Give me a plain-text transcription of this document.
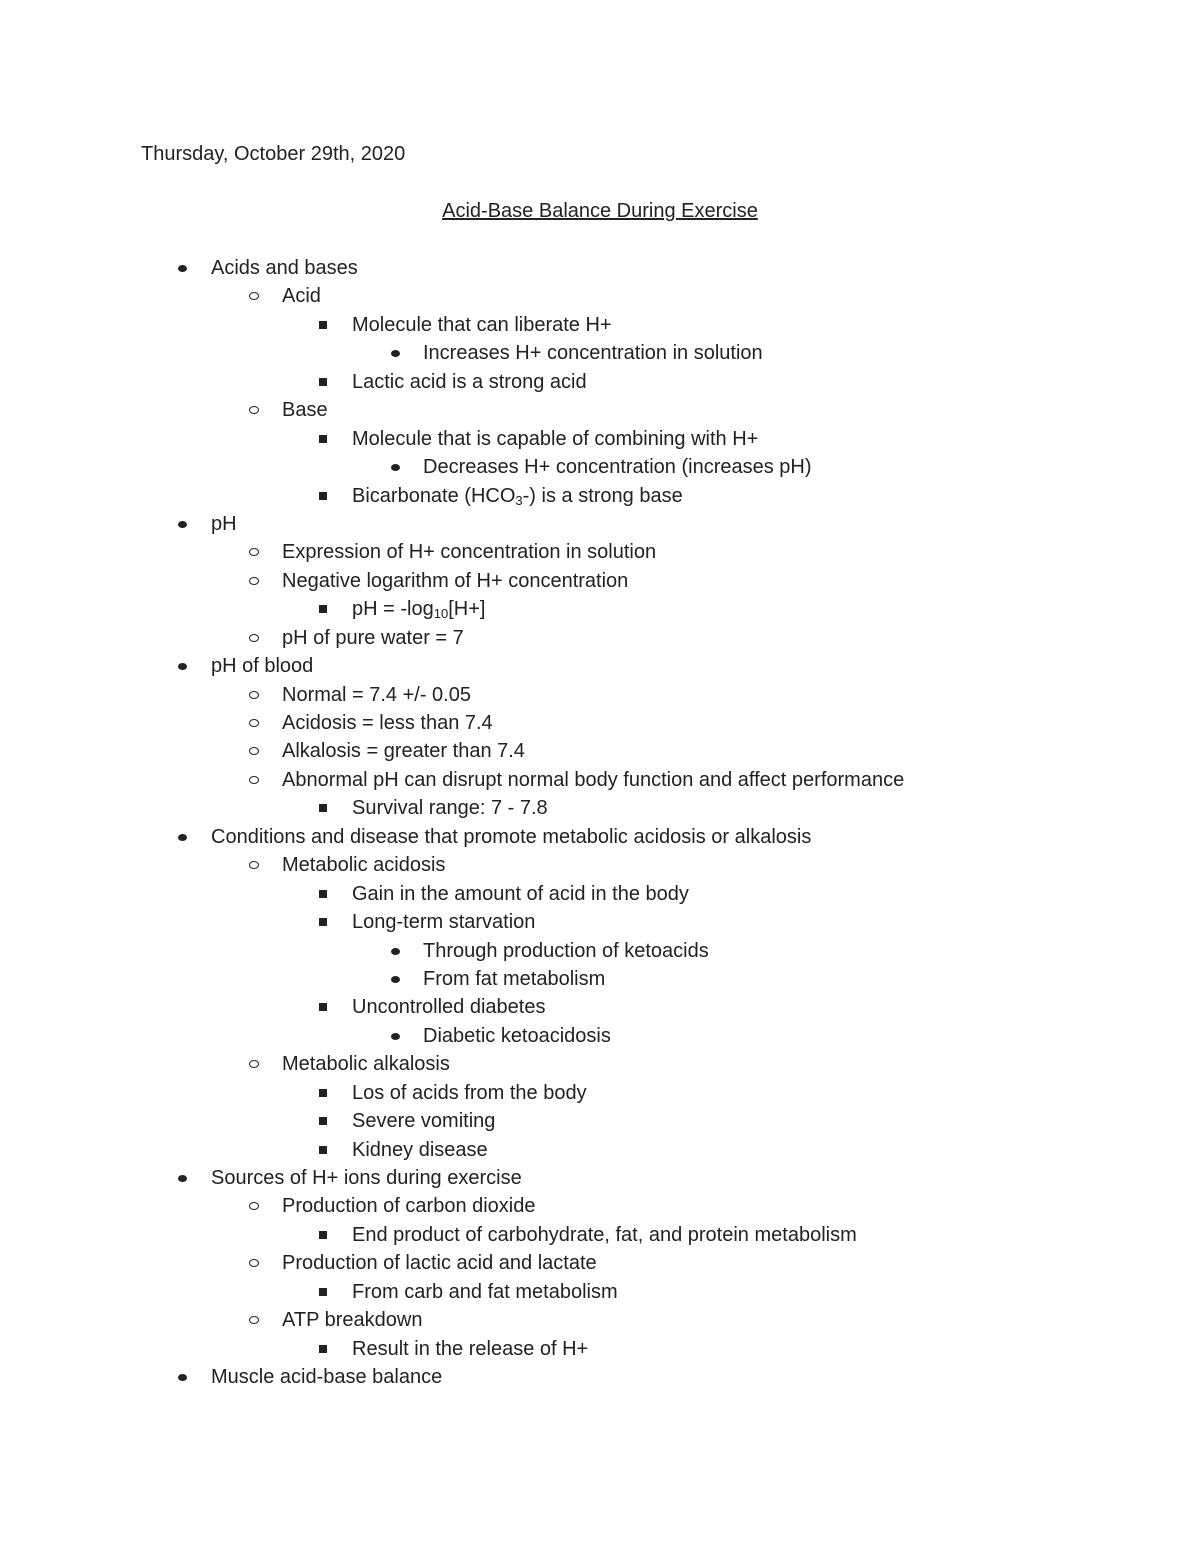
Thursday, October 29th, 2020
Acid-Base Balance During Exercise
Acids and bases
Acid
Molecule that can liberate H+
Increases H+ concentration in solution
Lactic acid is a strong acid
Base
Molecule that is capable of combining with H+
Decreases H+ concentration (increases pH)
Bicarbonate $(HCO_3-)$ is a strong base
pH
Expression of H+ concentration in solution
Negative logarithm of H+ concentration
pH = $-\log_{10}[H+]$
pH of pure water = 7
pH of blood
Normal = 7.4 +/- 0.05
Acidosis = less than 7.4
Alkalosis = greater than 7.4
Abnormal pH can disrupt normal body function and affect performance
Survival range: 7 - 7.8
Conditions and disease that promote metabolic acidosis or alkalosis
Metabolic acidosis
Gain in the amount of acid in the body
Long-term starvation
Through production of ketoacids
From fat metabolism
Uncontrolled diabetes
Diabetic ketoacidosis
Metabolic alkalosis
Los of acids from the body
Severe vomiting
Kidney disease
Sources of H+ ions during exercise
Production of carbon dioxide
End product of carbohydrate, fat, and protein metabolism
Production of lactic acid and lactate
From carb and fat metabolism
ATP breakdown
Result in the release of H+
Muscle acid-base balance
